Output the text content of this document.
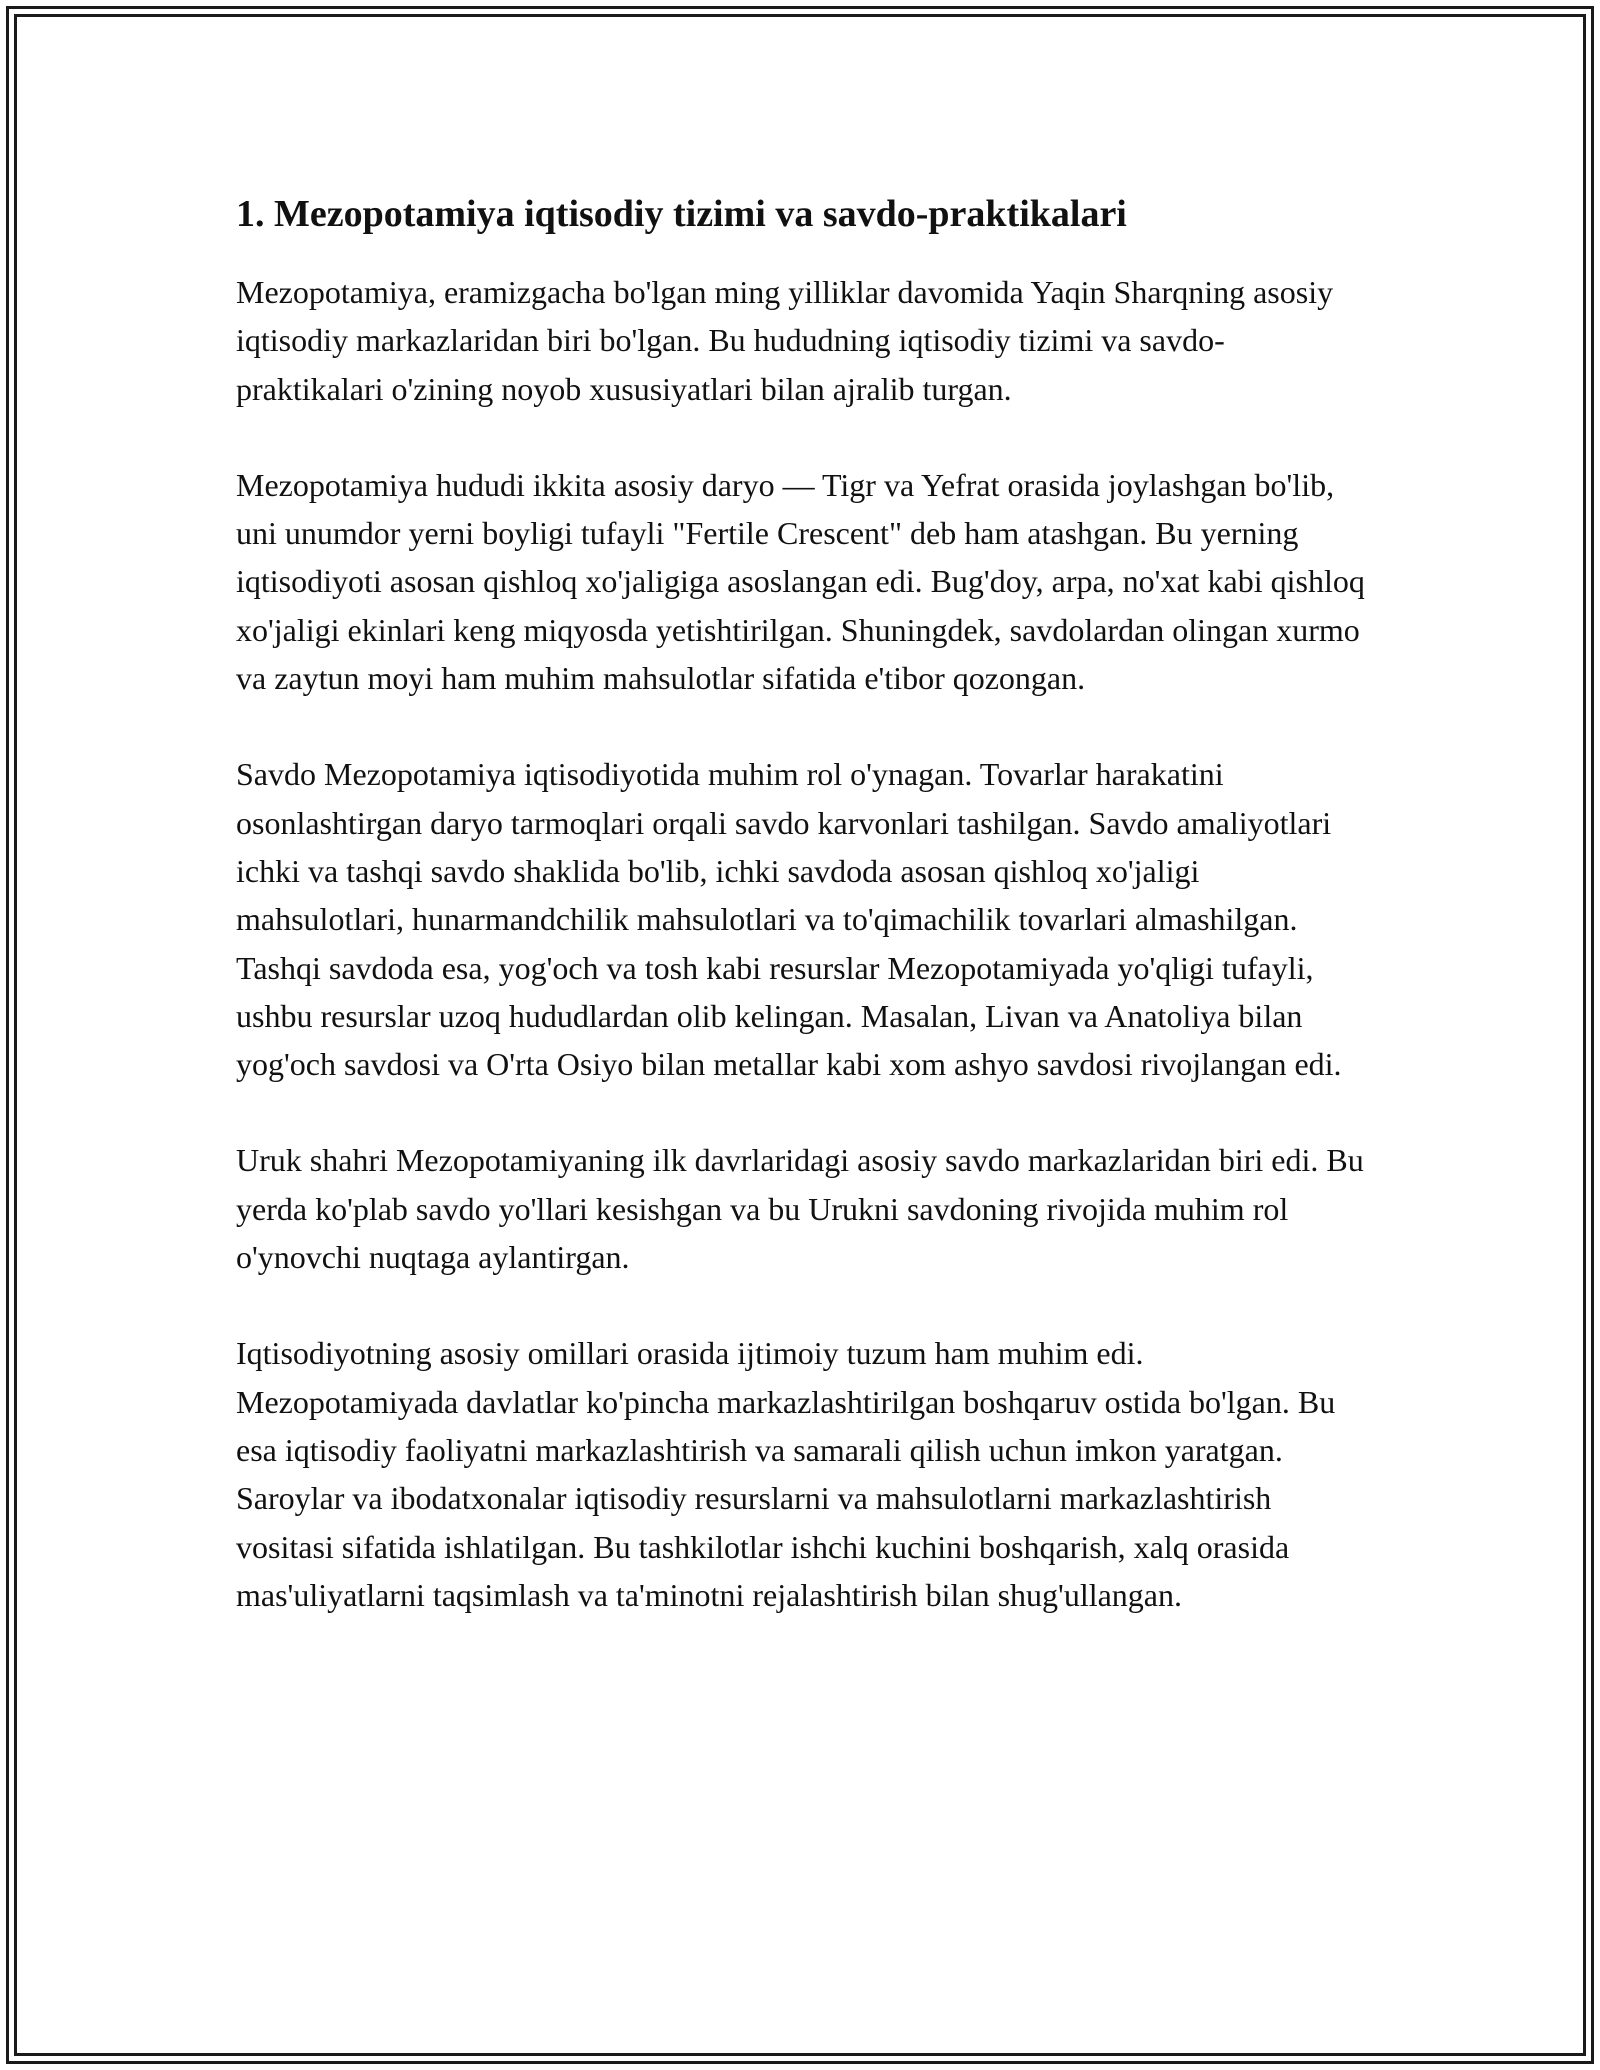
1. Mezopotamiya iqtisodiy tizimi va savdo-praktikalari

Mezopotamiya, eramizgacha bo'lgan ming yilliklar davomida Yaqin Sharqning asosiy iqtisodiy markazlaridan biri bo'lgan. Bu hududning iqtisodiy tizimi va savdo-praktikalari o'zining noyob xususiyatlari bilan ajralib turgan.

Mezopotamiya hududi ikkita asosiy daryo — Tigr va Yefrat orasida joylashgan bo'lib, uni unumdor yerni boyligi tufayli "Fertile Crescent" deb ham atashgan. Bu yerning iqtisodiyoti asosan qishloq xo'jaligiga asoslangan edi. Bug'doy, arpa, no'xat kabi qishloq xo'jaligi ekinlari keng miqyosda yetishtirilgan. Shuningdek, savdolardan olingan xurmo va zaytun moyi ham muhim mahsulotlar sifatida e'tibor qozongan.

Savdo Mezopotamiya iqtisodiyotida muhim rol o'ynagan. Tovarlar harakatini osonlashtirgan daryo tarmoqlari orqali savdo karvonlari tashilgan. Savdo amaliyotlari ichki va tashqi savdo shaklida bo'lib, ichki savdoda asosan qishloq xo'jaligi mahsulotlari, hunarmandchilik mahsulotlari va to'qimachilik tovarlari almashilgan. Tashqi savdoda esa, yog'och va tosh kabi resurslar Mezopotamiyada yo'qligi tufayli, ushbu resurslar uzoq hududlardan olib kelingan. Masalan, Livan va Anatoliya bilan yog'och savdosi va O'rta Osiyo bilan metallar kabi xom ashyo savdosi rivojlangan edi.

Uruk shahri Mezopotamiyaning ilk davrlaridagi asosiy savdo markazlaridan biri edi. Bu yerda ko'plab savdo yo'llari kesishgan va bu Urukni savdoning rivojida muhim rol o'ynovchi nuqtaga aylantirgan.

Iqtisodiyotning asosiy omillari orasida ijtimoiy tuzum ham muhim edi. Mezopotamiyada davlatlar ko'pincha markazlashtirilgan boshqaruv ostida bo'lgan. Bu esa iqtisodiy faoliyatni markazlashtirish va samarali qilish uchun imkon yaratgan. Saroylar va ibodatxonalar iqtisodiy resurslarni va mahsulotlarni markazlashtirish vositasi sifatida ishlatilgan. Bu tashkilotlar ishchi kuchini boshqarish, xalq orasida mas'uliyatlarni taqsimlash va ta'minotni rejalashtirish bilan shug'ullangan.
